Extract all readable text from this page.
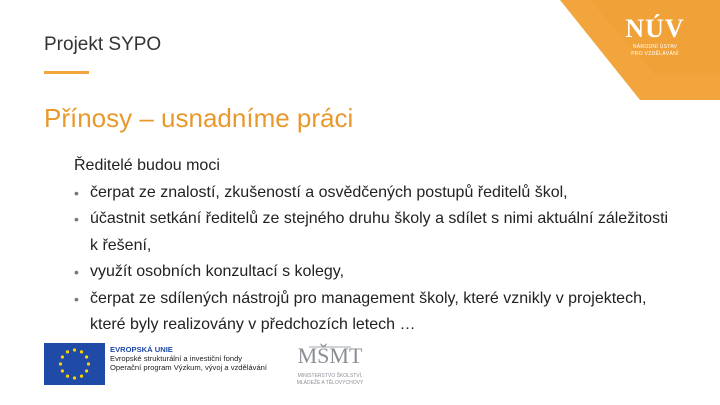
NÚV
NÁRODNÍ ÚSTAV
PRO VZDĚLÁVÁNÍ
Projekt SYPO
Přínosy – usnadníme práci
Ředitelé budou moci
• čerpat ze znalostí, zkušeností a osvědčených postupů ředitelů škol,
• účastnit setkání ředitelů ze stejného druhu školy a sdílet s nimi aktuální záležitosti k řešení,
• využít osobních konzultací s kolegy,
• čerpat ze sdílených nástrojů pro management školy, které vznikly v projektech, které byly realizovány v předchozích letech …
EVROPSKÁ UNIE
Evropské strukturální a investiční fondy
Operační program Výzkum, vývoj a vzdělávání MŠMT
MINISTERSTVO ŠKOLSTVÍ,
MLÁDEŽE A TĚLOVÝCHOVY
